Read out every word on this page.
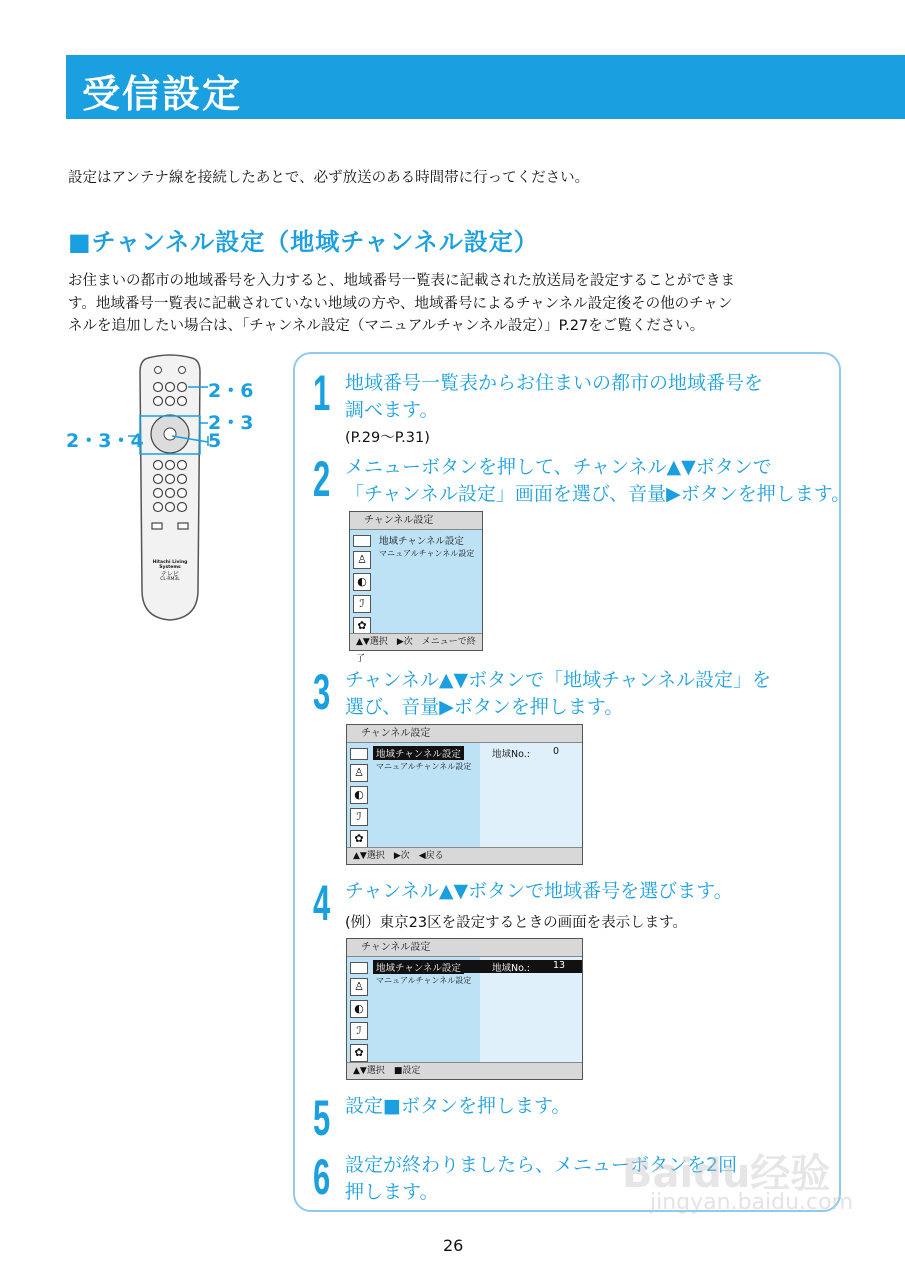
受信設定
設定はアンテナ線を接続したあとで、必ず放送のある時間帯に行ってください。
■チャンネル設定（地域チャンネル設定）
お住まいの都市の地域番号を入力すると、地域番号一覧表に記載された放送局を設定することができま
す。地域番号一覧表に記載されていない地域の方や、地域番号によるチャンネル設定後その他のチャン
ネルを追加したい場合は、「チャンネル設定（マニュアルチャンネル設定）」P.27をご覧ください。
2・6
2・3
2・3・4	5
Hitachi Living Systems
テレビ
CL-RM3L
1 地域番号一覧表からお住まいの都市の地域番号を
調べます。
(P.29～P.31)
2 メニューボタンを押して、チャンネル▲▼ボタンで
「チャンネル設定」画面を選び、音量▶ボタンを押します。
チャンネル設定
♙
◐
ℐ
✿
地域チャンネル設定
マニュアルチャンネル設定
▲▼選択　▶次　メニューで終了
3 チャンネル▲▼ボタンで「地域チャンネル設定」を
選び、音量▶ボタンを押します。
チャンネル設定
♙
◐
ℐ
✿
地域チャンネル設定
マニュアルチャンネル設定
地域No.: 0
▲▼選択　▶次　◀戻る
4 チャンネル▲▼ボタンで地域番号を選びます。
(例）東京23区を設定するときの画面を表示します。
チャンネル設定
♙
◐
ℐ
✿
地域チャンネル設定
マニュアルチャンネル設定
地域No.: 13
▲▼選択　■設定
5 設定■ボタンを押します。
6 設定が終わりましたら、メニューボタンを2回
押します。	Baidu经验
jingyan.baidu.com
26
